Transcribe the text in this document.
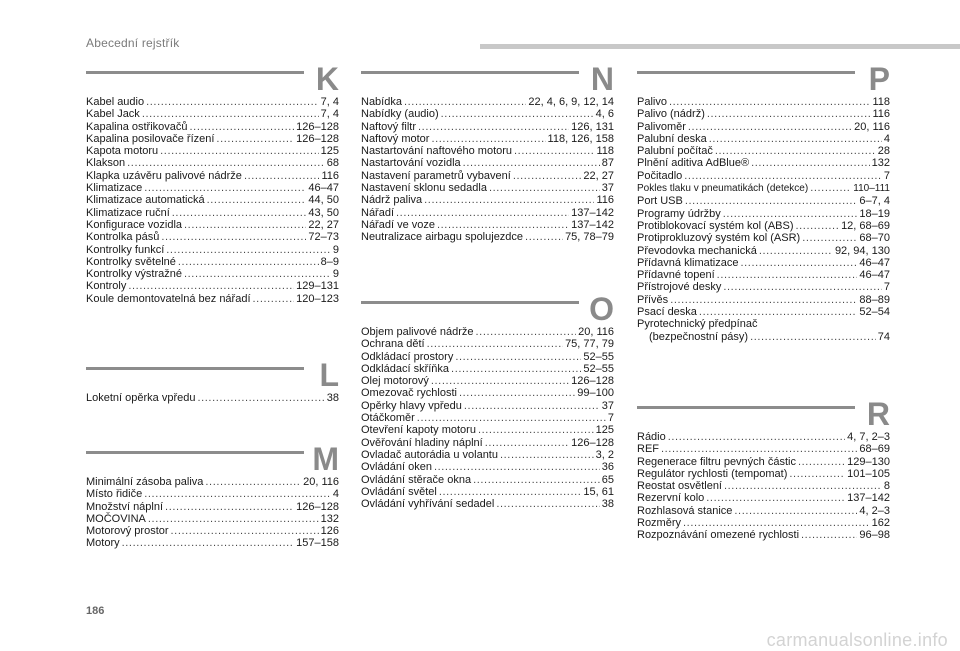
Abecední rejstřík
K
Kabel audio .....	7, 4
Kabel Jack .....	7, 4
Kapalina ostřikovačů .....	126–128
Kapalina posilovače řízení .....	126–128
Kapota motoru .....	125
Klakson .....	68
Klapka uzávěru palivové nádrže .....	116
Klimatizace .....	46–47
Klimatizace automatická .....	44, 50
Klimatizace ruční .....	43, 50
Konfigurace vozidla .....	22, 27
Kontrolka pásů .....	72–73
Kontrolky funkcí .....	9
Kontrolky světelné .....	8–9
Kontrolky výstražné .....	9
Kontroly .....	129–131
Koule demontovatelná bez nářadí .....	120–123
L
Loketní opěrka vpředu .....	38
M
Minimální zásoba paliva .....	20, 116
Místo řidiče .....	4
Množství náplní .....	126–128
MOČOVINA .....	132
Motorový prostor .....	126
Motory .....	157–158
N
Nabídka .....	22, 4, 6, 9, 12, 14
Nabídky (audio) .....	4, 6
Naftový filtr .....	126, 131
Naftový motor .....	118, 126, 158
Nastartování naftového motoru .....	118
Nastartování vozidla .....	87
Nastavení parametrů vybavení .....	22, 27
Nastavení sklonu sedadla .....	37
Nádrž paliva .....	116
Nářadí .....	137–142
Nářadí ve voze .....	137–142
Neutralizace airbagu spolujezdce .....	75, 78–79
O
Objem palivové nádrže .....	20, 116
Ochrana dětí .....	75, 77, 79
Odkládací prostory .....	52–55
Odkládací skříňka .....	52–55
Olej motorový .....	126–128
Omezovač rychlosti .....	99–100
Opěrky hlavy vpředu .....	37
Otáčkoměr .....	7
Otevření kapoty motoru .....	125
Ověřování hladiny náplní .....	126–128
Ovladač autorádia u volantu .....	3, 2
Ovládání oken .....	36
Ovládání stěrače okna .....	65
Ovládání světel .....	15, 61
Ovládání vyhřívání sedadel .....	38
P
Palivo .....	118
Palivo (nádrž) .....	116
Palivoměr .....	20, 116
Palubní deska .....	4
Palubní počítač .....	28
Plnění aditiva AdBlue® .....	132
Počitadlo .....	7
Pokles tlaku v pneumatikách (detekce) .....	110–111
Port USB .....	6–7, 4
Programy údržby .....	18–19
Protiblokovací systém kol (ABS) .....	12, 68–69
Protiprokluzový systém kol (ASR) .....	68–70
Převodovka mechanická .....	92, 94, 130
Přídavná klimatizace .....	46–47
Přídavné topení .....	46–47
Přístrojové desky .....	7
Přívěs .....	88–89
Psací deska .....	52–54
Pyrotechnický předpínač
(bezpečnostní pásy) .....	74
R
Rádio .....	4, 7, 2–3
REF .....	68–69
Regenerace filtru pevných částic .....	129–130
Regulátor rychlosti (tempomat) .....	101–105
Reostat osvětlení .....	8
Rezervní kolo .....	137–142
Rozhlasová stanice .....	4, 2–3
Rozměry .....	162
Rozpoznávání omezené rychlosti .....	96–98
186
carmanualsonline.info
